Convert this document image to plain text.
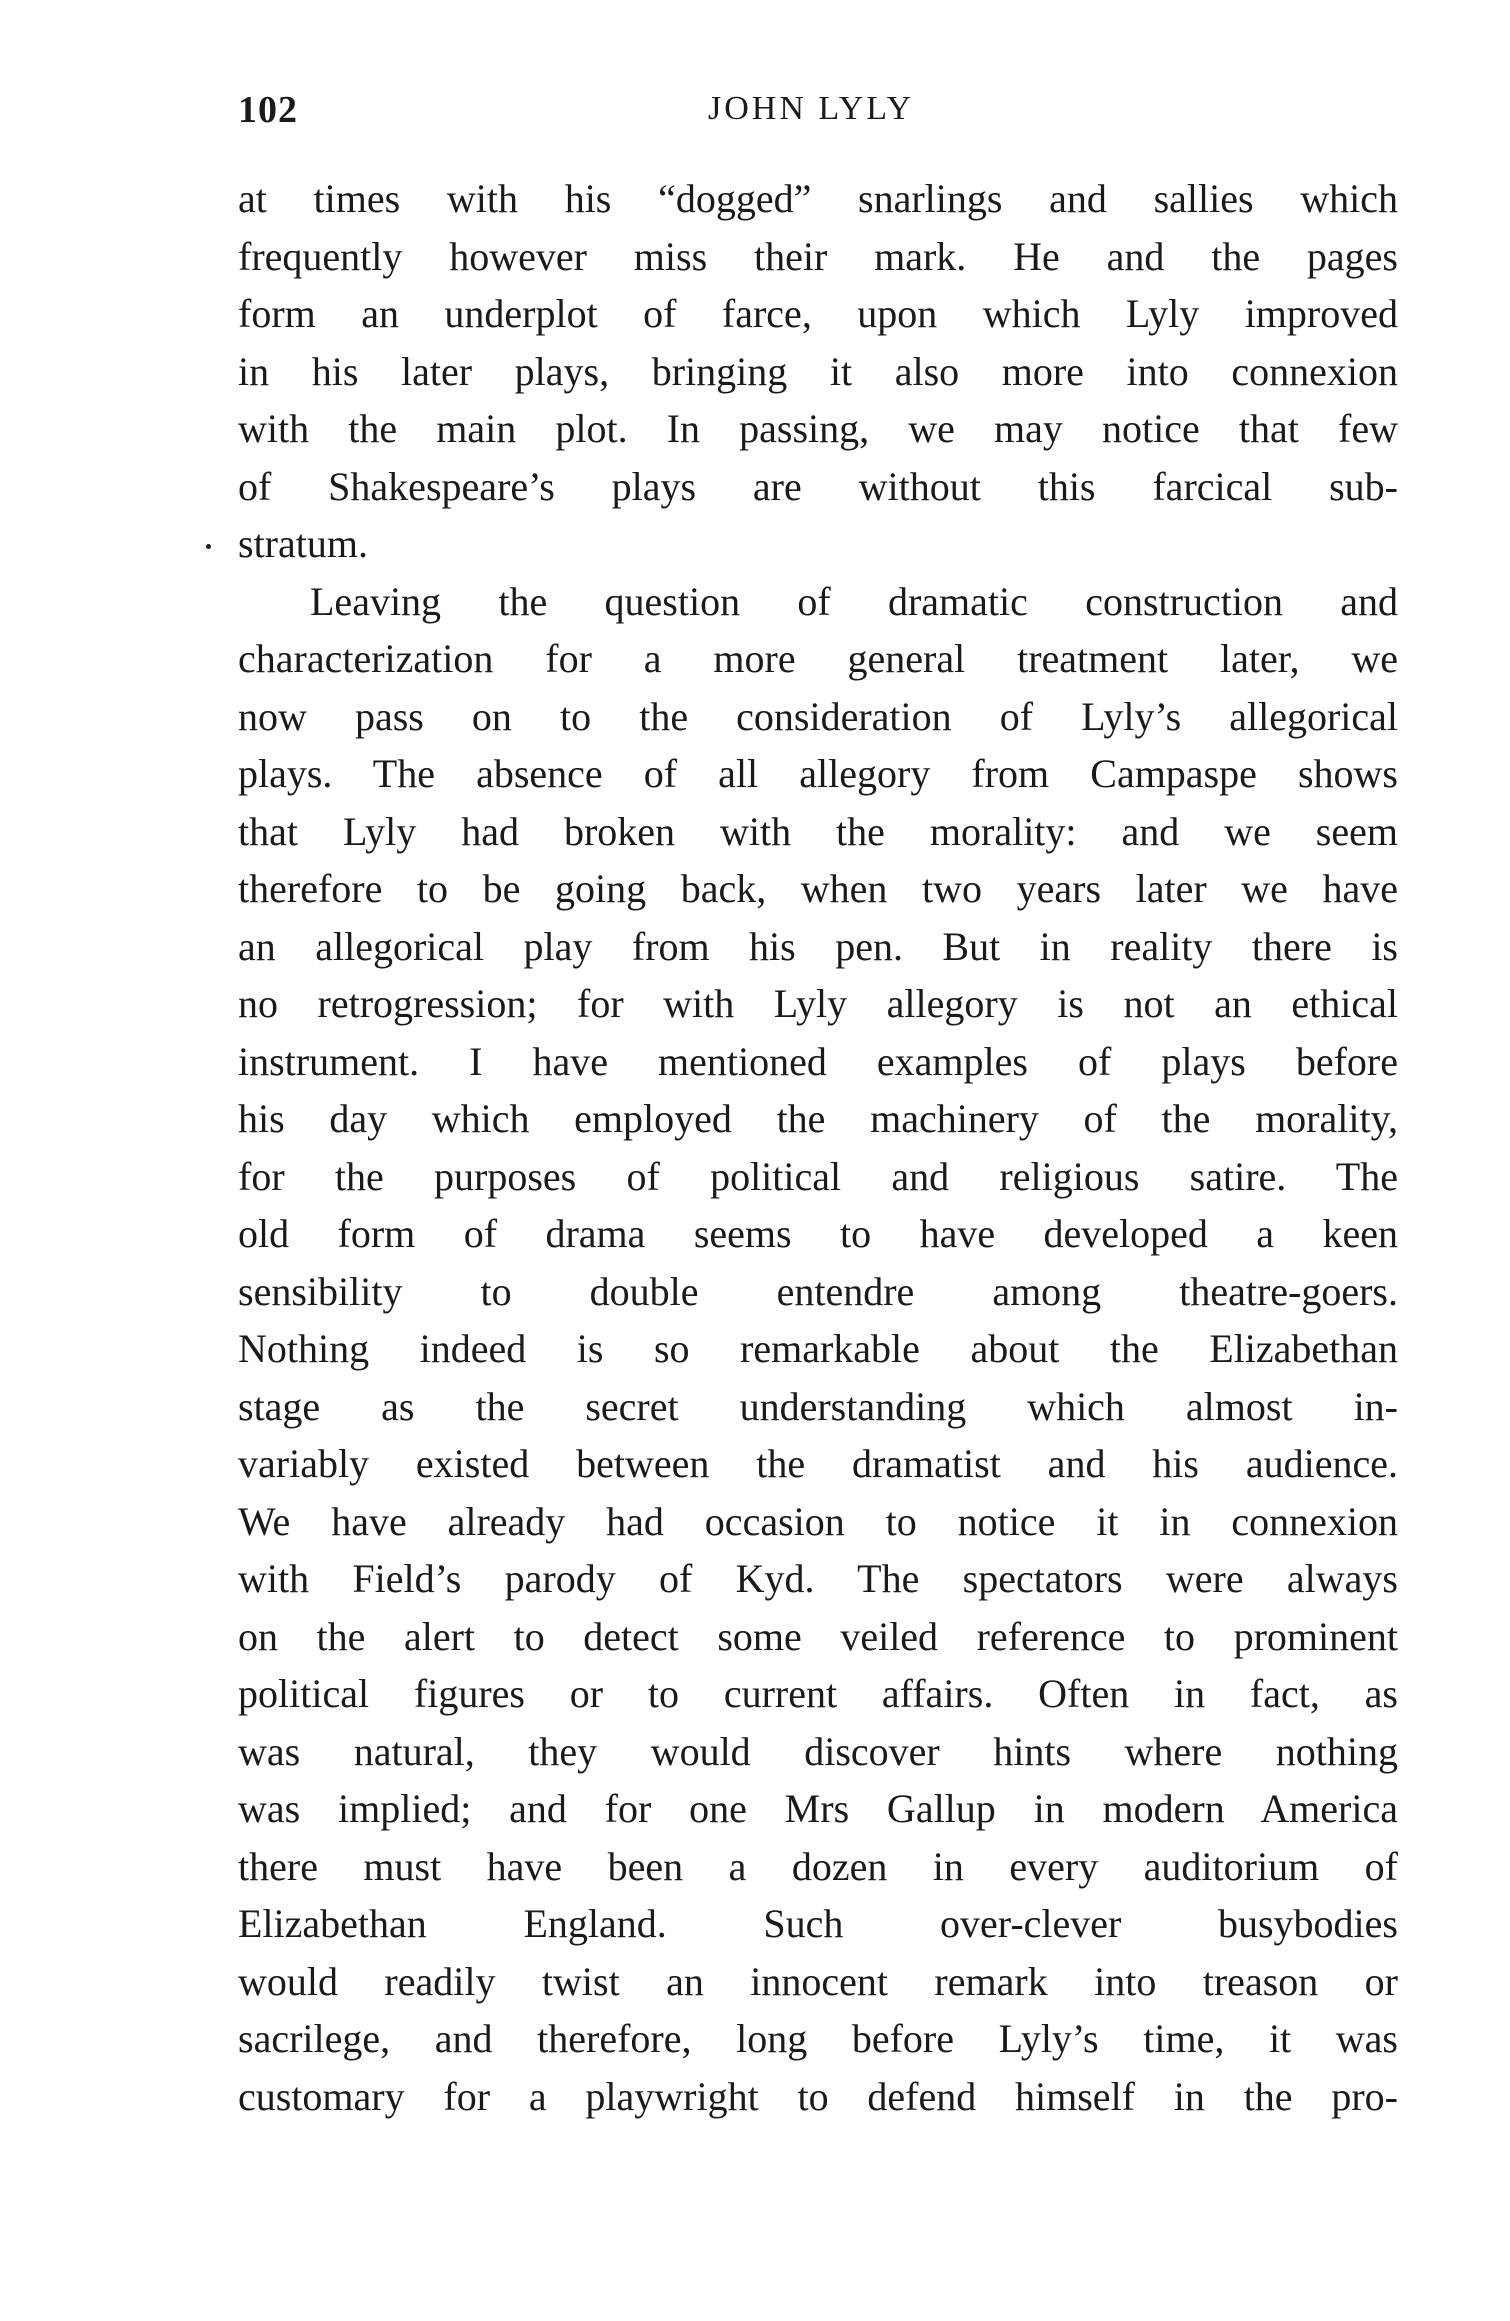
102	JOHN LYLY
at times with his “dogged” snarlings and sallies which
frequently however miss their mark. He and the pages
form an underplot of farce, upon which Lyly improved
in his later plays, bringing it also more into connexion
with the main plot. In passing, we may notice that few
of Shakespeare’s plays are without this farcical sub-
stratum.
Leaving the question of dramatic construction and
characterization for a more general treatment later, we
now pass on to the consideration of Lyly’s allegorical
plays. The absence of all allegory from Campaspe shows
that Lyly had broken with the morality: and we seem
therefore to be going back, when two years later we have
an allegorical play from his pen. But in reality there is
no retrogression; for with Lyly allegory is not an ethical
instrument. I have mentioned examples of plays before
his day which employed the machinery of the morality,
for the purposes of political and religious satire. The
old form of drama seems to have developed a keen
sensibility to double entendre among theatre-goers.
Nothing indeed is so remarkable about the Elizabethan
stage as the secret understanding which almost in-
variably existed between the dramatist and his audience.
We have already had occasion to notice it in connexion
with Field’s parody of Kyd. The spectators were always
on the alert to detect some veiled reference to prominent
political figures or to current affairs. Often in fact, as
was natural, they would discover hints where nothing
was implied; and for one Mrs Gallup in modern America
there must have been a dozen in every auditorium of
Elizabethan England. Such over-clever busybodies
would readily twist an innocent remark into treason or
sacrilege, and therefore, long before Lyly’s time, it was
customary for a playwright to defend himself in the pro-
